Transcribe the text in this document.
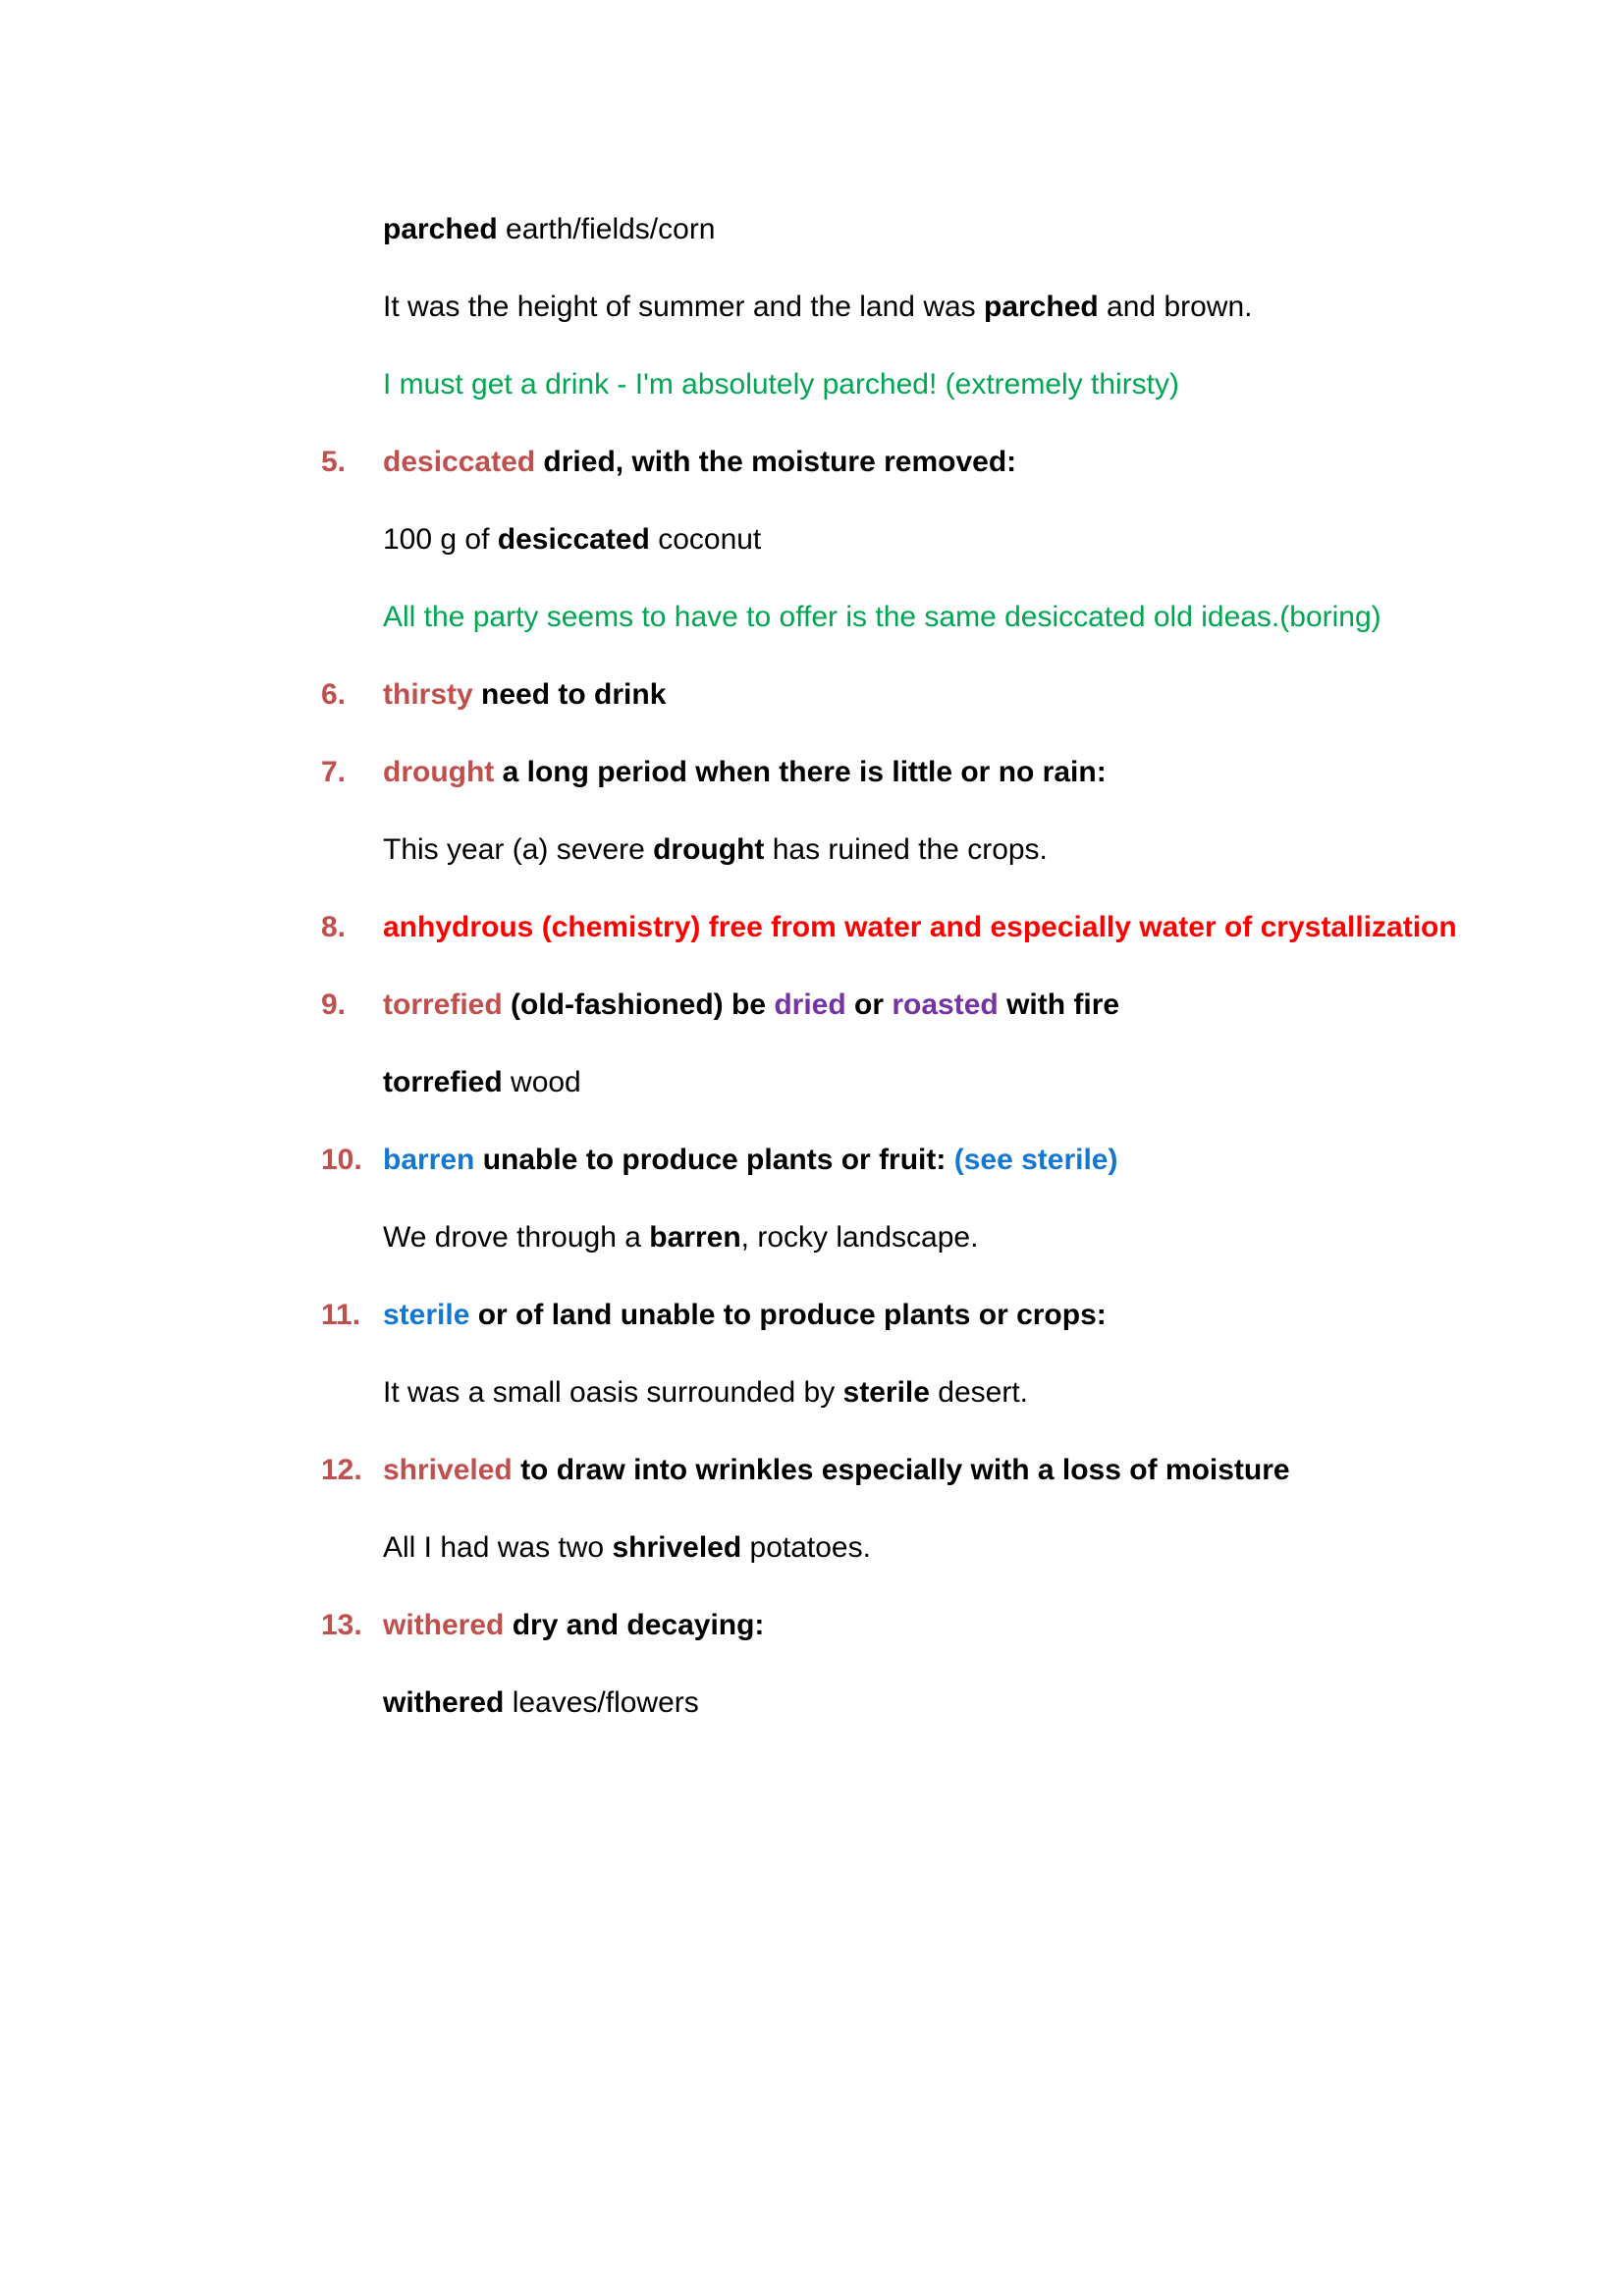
parched earth/fields/corn

It was the height of summer and the land was parched and brown.

I must get a drink - I'm absolutely parched! (extremely thirsty)

5. desiccated dried, with the moisture removed:

100 g of desiccated coconut

All the party seems to have to offer is the same desiccated old ideas.(boring)

6. thirsty need to drink

7. drought a long period when there is little or no rain:

This year (a) severe drought has ruined the crops.

8. anhydrous (chemistry) free from water and especially water of crystallization

9. torrefied (old-fashioned) be dried or roasted with fire

torrefied wood

10. barren unable to produce plants or fruit: (see sterile)

We drove through a barren, rocky landscape.

11. sterile or of land unable to produce plants or crops:

It was a small oasis surrounded by sterile desert.

12. shriveled to draw into wrinkles especially with a loss of moisture

All I had was two shriveled potatoes.

13. withered dry and decaying:

withered leaves/flowers
